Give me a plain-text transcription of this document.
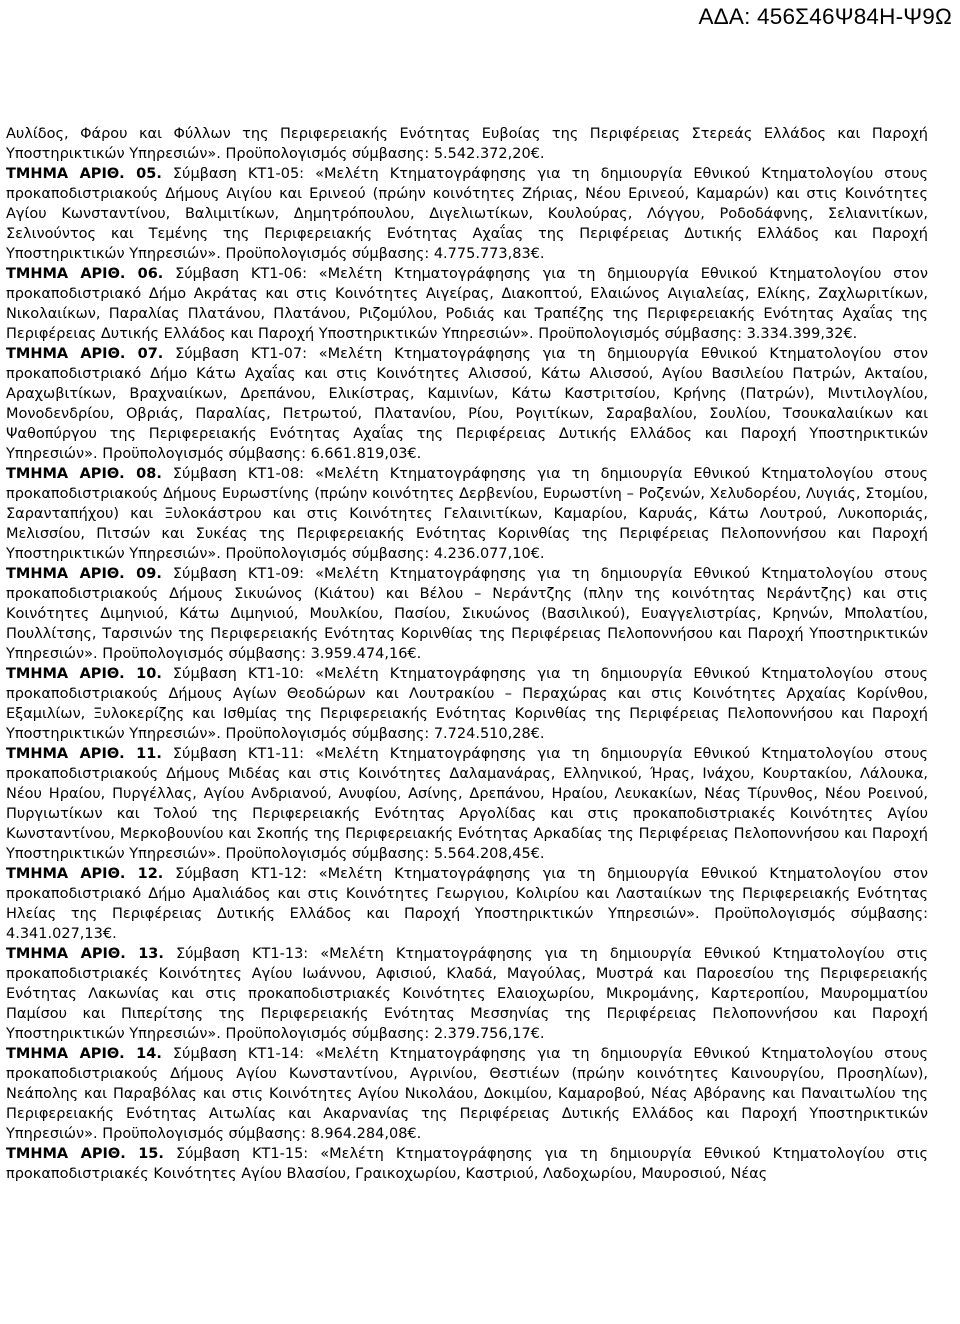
ΑΔΑ: 456Σ46Ψ84Η-Ψ9Ω

Αυλίδος, Φάρου και Φύλλων της Περιφερειακής Ενότητας Ευβοίας της Περιφέρειας Στερεάς Ελλάδος και Παροχή Υποστηρικτικών Υπηρεσιών». Προϋπολογισμός σύμβασης: 5.542.372,20€.

ΤΜΗΜΑ ΑΡΙΘ. 05. Σύμβαση ΚΤ1-05: «Μελέτη Κτηματογράφησης για τη δημιουργία Εθνικού Κτηματολογίου στους προκαποδιστριακούς Δήμους Αιγίου και Ερινεού (πρώην κοινότητες Ζήριας, Νέου Ερινεού, Καμαρών) και στις Κοινότητες Αγίου Κωνσταντίνου, Βαλιμιτίκων, Δημητρόπουλου, Διγελιωτίκων, Κουλούρας, Λόγγου, Ροδοδάφνης, Σελιανιτίκων, Σελινούντος και Τεμένης της Περιφερειακής Ενότητας Αχαΐας της Περιφέρειας Δυτικής Ελλάδος και Παροχή Υποστηρικτικών Υπηρεσιών». Προϋπολογισμός σύμβασης: 4.775.773,83€.

ΤΜΗΜΑ ΑΡΙΘ. 06. Σύμβαση ΚΤ1-06: «Μελέτη Κτηματογράφησης για τη δημιουργία Εθνικού Κτηματολογίου στον προκαποδιστριακό Δήμο Ακράτας και στις Κοινότητες Αιγείρας, Διακοπτού, Ελαιώνος Αιγιαλείας, Ελίκης, Ζαχλωριτίκων, Νικολαιίκων, Παραλίας Πλατάνου, Πλατάνου, Ριζομύλου, Ροδιάς και Τραπέζης της Περιφερειακής Ενότητας Αχαΐας της Περιφέρειας Δυτικής Ελλάδος και Παροχή Υποστηρικτικών Υπηρεσιών». Προϋπολογισμός σύμβασης: 3.334.399,32€.

ΤΜΗΜΑ ΑΡΙΘ. 07. Σύμβαση ΚΤ1-07: «Μελέτη Κτηματογράφησης για τη δημιουργία Εθνικού Κτηματολογίου στον προκαποδιστριακό Δήμο Κάτω Αχαΐας και στις Κοινότητες Αλισσού, Κάτω Αλισσού, Αγίου Βασιλείου Πατρών, Ακταίου, Αραχωβιτίκων, Βραχναιίκων, Δρεπάνου, Ελικίστρας, Καμινίων, Κάτω Καστριτσίου, Κρήνης (Πατρών), Μιντιλογλίου, Μονοδενδρίου, Οβριάς, Παραλίας, Πετρωτού, Πλατανίου, Ρίου, Ρογιτίκων, Σαραβαλίου, Σουλίου, Τσουκαλαιίκων και Ψαθοπύργου της Περιφερειακής Ενότητας Αχαΐας της Περιφέρειας Δυτικής Ελλάδος και Παροχή Υποστηρικτικών Υπηρεσιών». Προϋπολογισμός σύμβασης: 6.661.819,03€.

ΤΜΗΜΑ ΑΡΙΘ. 08. Σύμβαση ΚΤ1-08: «Μελέτη Κτηματογράφησης για τη δημιουργία Εθνικού Κτηματολογίου στους προκαποδιστριακούς Δήμους Ευρωστίνης (πρώην κοινότητες Δερβενίου, Ευρωστίνη – Ροζενών, Χελυδορέου, Λυγιάς, Στομίου, Σαρανταπήχου) και Ξυλοκάστρου και στις Κοινότητες Γελαινιτίκων, Καμαρίου, Καρυάς, Κάτω Λουτρού, Λυκοποριάς, Μελισσίου, Πιτσών και Συκέας της Περιφερειακής Ενότητας Κορινθίας της Περιφέρειας Πελοποννήσου και Παροχή Υποστηρικτικών Υπηρεσιών». Προϋπολογισμός σύμβασης: 4.236.077,10€.

ΤΜΗΜΑ ΑΡΙΘ. 09. Σύμβαση ΚΤ1-09: «Μελέτη Κτηματογράφησης για τη δημιουργία Εθνικού Κτηματολογίου στους προκαποδιστριακούς Δήμους Σικυώνος (Κιάτου) και Βέλου – Νεράντζης (πλην της κοινότητας Νεράντζης) και στις Κοινότητες Διμηνιού, Κάτω Διμηνιού, Μουλκίου, Πασίου, Σικυώνος (Βασιλικού), Ευαγγελιστρίας, Κρηνών, Μπολατίου, Πουλλίτσης, Ταρσινών της Περιφερειακής Ενότητας Κορινθίας της Περιφέρειας Πελοποννήσου και Παροχή Υποστηρικτικών Υπηρεσιών». Προϋπολογισμός σύμβασης: 3.959.474,16€.

ΤΜΗΜΑ ΑΡΙΘ. 10. Σύμβαση ΚΤ1-10: «Μελέτη Κτηματογράφησης για τη δημιουργία Εθνικού Κτηματολογίου στους προκαποδιστριακούς Δήμους Αγίων Θεοδώρων και Λουτρακίου – Περαχώρας και στις Κοινότητες Αρχαίας Κορίνθου, Εξαμιλίων, Ξυλοκερίζης και Ισθμίας της Περιφερειακής Ενότητας Κορινθίας της Περιφέρειας Πελοποννήσου και Παροχή Υποστηρικτικών Υπηρεσιών». Προϋπολογισμός σύμβασης: 7.724.510,28€.

ΤΜΗΜΑ ΑΡΙΘ. 11. Σύμβαση ΚΤ1-11: «Μελέτη Κτηματογράφησης για τη δημιουργία Εθνικού Κτηματολογίου στους προκαποδιστριακούς Δήμους Μιδέας και στις Κοινότητες Δαλαμανάρας, Ελληνικού, Ήρας, Ινάχου, Κουρτακίου, Λάλουκα, Νέου Ηραίου, Πυργέλλας, Αγίου Ανδριανού, Ανυφίου, Ασίνης, Δρεπάνου, Ηραίου, Λευκακίων, Νέας Τίρυνθος, Νέου Ροεινού, Πυργιωτίκων και Τολού της Περιφερειακής Ενότητας Αργολίδας και στις προκαποδιστριακές Κοινότητες Αγίου Κωνσταντίνου, Μερκοβουνίου και Σκοπής της Περιφερειακής Ενότητας Αρκαδίας της Περιφέρειας Πελοποννήσου και Παροχή Υποστηρικτικών Υπηρεσιών». Προϋπολογισμός σύμβασης: 5.564.208,45€.

ΤΜΗΜΑ ΑΡΙΘ. 12. Σύμβαση ΚΤ1-12: «Μελέτη Κτηματογράφησης για τη δημιουργία Εθνικού Κτηματολογίου στον προκαποδιστριακό Δήμο Αμαλιάδος και στις Κοινότητες Γεωργιου, Κολιρίου και Λασταιίκων της Περιφερειακής Ενότητας Ηλείας της Περιφέρειας Δυτικής Ελλάδος και Παροχή Υποστηρικτικών Υπηρεσιών». Προϋπολογισμός σύμβασης: 4.341.027,13€.

ΤΜΗΜΑ ΑΡΙΘ. 13. Σύμβαση ΚΤ1-13: «Μελέτη Κτηματογράφησης για τη δημιουργία Εθνικού Κτηματολογίου στις προκαποδιστριακές Κοινότητες Αγίου Ιωάννου, Αφισιού, Κλαδά, Μαγούλας, Μυστρά και Παροεσίου της Περιφερειακής Ενότητας Λακωνίας και στις προκαποδιστριακές Κοινότητες Ελαιοχωρίου, Μικρομάνης, Καρτεροπίου, Μαυρομματίου Παμίσου και Πιπερίτσης της Περιφερειακής Ενότητας Μεσσηνίας της Περιφέρειας Πελοποννήσου και Παροχή Υποστηρικτικών Υπηρεσιών». Προϋπολογισμός σύμβασης: 2.379.756,17€.

ΤΜΗΜΑ ΑΡΙΘ. 14. Σύμβαση ΚΤ1-14: «Μελέτη Κτηματογράφησης για τη δημιουργία Εθνικού Κτηματολογίου στους προκαποδιστριακούς Δήμους Αγίου Κωνσταντίνου, Αγρινίου, Θεστιέων (πρώην κοινότητες Καινουργίου, Προσηλίων), Νεάπολης και Παραβόλας και στις Κοινότητες Αγίου Νικολάου, Δοκιμίου, Καμαροβού, Νέας Αβόρανης και Παναιτωλίου της Περιφερειακής Ενότητας Αιτωλίας και Ακαρνανίας της Περιφέρειας Δυτικής Ελλάδος και Παροχή Υποστηρικτικών Υπηρεσιών». Προϋπολογισμός σύμβασης: 8.964.284,08€.

ΤΜΗΜΑ ΑΡΙΘ. 15. Σύμβαση ΚΤ1-15: «Μελέτη Κτηματογράφησης για τη δημιουργία Εθνικού Κτηματολογίου στις προκαποδιστριακές Κοινότητες Αγίου Βλασίου, Γραικοχωρίου, Καστριού, Λαδοχωρίου, Μαυροσιού, Νέας
